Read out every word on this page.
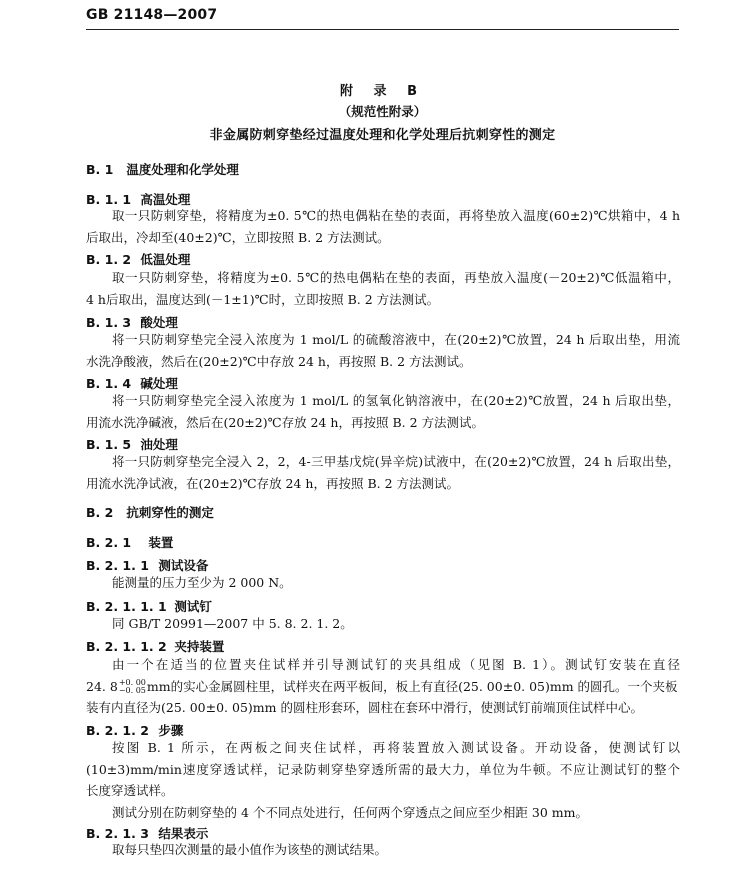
GB 21148—2007
附 录 B
（规范性附录）
非金属防刺穿垫经过温度处理和化学处理后抗刺穿性的测定
B. 1 温度处理和化学处理
B. 1. 1 高温处理
取一只防刺穿垫，将精度为±0. 5℃的热电偶粘在垫的表面，再将垫放入温度(60±2)℃烘箱中，4 h
后取出，冷却至(40±2)℃，立即按照 B. 2 方法测试。
B. 1. 2 低温处理
取一只防刺穿垫，将精度为±0. 5℃的热电偶粘在垫的表面，再垫放入温度(－20±2)℃低温箱中，
4 h后取出，温度达到(－1±1)℃时，立即按照 B. 2 方法测试。
B. 1. 3 酸处理
将一只防刺穿垫完全浸入浓度为 1 mol/L 的硫酸溶液中，在(20±2)℃放置，24 h 后取出垫，用流
水洗净酸液，然后在(20±2)℃中存放 24 h，再按照 B. 2 方法测试。
B. 1. 4 碱处理
将一只防刺穿垫完全浸入浓度为 1 mol/L 的氢氧化钠溶液中，在(20±2)℃放置，24 h 后取出垫，
用流水洗净碱液，然后在(20±2)℃存放 24 h，再按照 B. 2 方法测试。
B. 1. 5 油处理
将一只防刺穿垫完全浸入 2，2，4-三甲基戊烷(异辛烷)试液中，在(20±2)℃放置，24 h 后取出垫，
用流水洗净试液，在(20±2)℃存放 24 h，再按照 B. 2 方法测试。
B. 2 抗刺穿性的测定
B. 2. 1 装置
B. 2. 1. 1 测试设备
能测量的压力至少为 2 000 N。
B. 2. 1. 1. 1 测试钉
同 GB/T 20991—2007 中 5. 8. 2. 1. 2。
B. 2. 1. 1. 2 夹持装置
由一个在适当的位置夹住试样并引导测试钉的夹具组成（见图 B. 1）。测试钉安装在直径
24. 8 +0. 00
−0. 05 mm的实心金属圆柱里，试样夹在两平板间，板上有直径(25. 00±0. 05)mm 的圆孔。一个夹板
装有内直径为(25. 00±0. 05)mm 的圆柱形套环，圆柱在套环中滑行，使测试钉前端顶住试样中心。
B. 2. 1. 2 步骤
按图 B. 1 所示，在两板之间夹住试样，再将装置放入测试设备。开动设备，使测试钉以
(10±3)mm/min速度穿透试样，记录防刺穿垫穿透所需的最大力，单位为牛顿。不应让测试钉的整个
长度穿透试样。
测试分别在防刺穿垫的 4 个不同点处进行，任何两个穿透点之间应至少相距 30 mm。
B. 2. 1. 3 结果表示
取每只垫四次测量的最小值作为该垫的测试结果。
